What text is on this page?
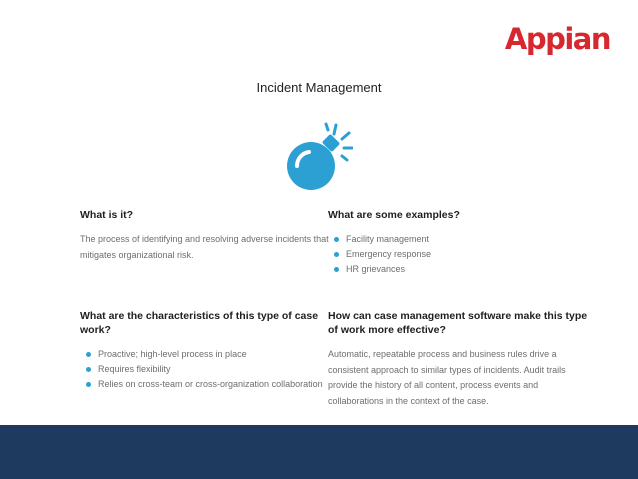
Appian
Incident Management

What is it?

The process of identifying and resolving adverse incidents that mitigates organizational risk.

What are some examples?

Facility management
Emergency response
HR grievances

What are the characteristics of this type of case work?

Proactive; high-level process in place
Requires flexibility
Relies on cross-team or cross-organization collaboration

How can case management software make this type of work more effective?

Automatic, repeatable process and business rules drive a consistent approach to similar types of incidents. Audit trails provide the history of all content, process events and collaborations in the context of the case.
